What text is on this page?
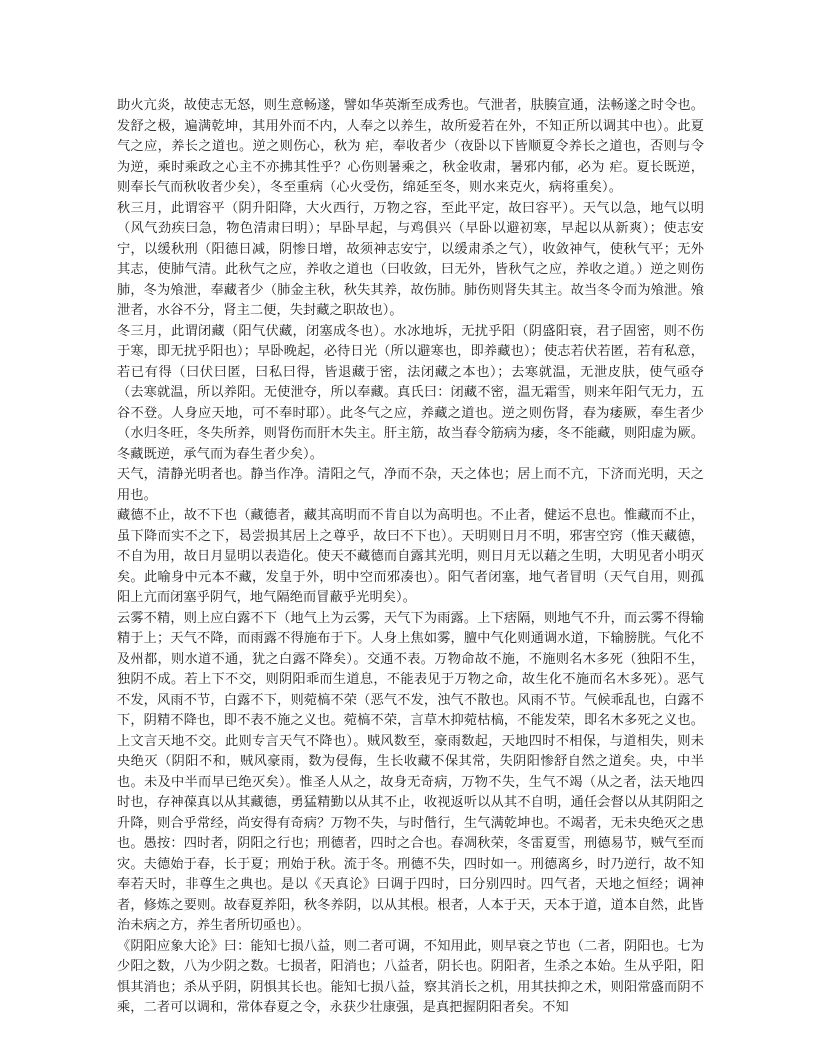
助火亢炎，故使志无怒，则生意畅遂，譬如华英渐至成秀也。气泄者，肤腠宣通，法畅遂之时令也。发舒之极，遍满乾坤，其用外而不内，人奉之以养生，故所爱若在外，不知正所以调其中也）。此夏气之应，养长之道也。逆之则伤心，秋为 疟，奉收者少（夜卧以下皆顺夏令养长之道也，否则与令为逆，乘时乘政之心主不亦拂其性乎？心伤则暑乘之，秋金收肃，暑邪内郁，必为 疟。夏长既逆，则奉长气而秋收者少矣），冬至重病（心火受伤，绵延至冬，则水来克火，病将重矣）。

秋三月，此谓容平（阴升阳降，大火西行，万物之容，至此平定，故曰容平）。天气以急，地气以明（风气劲疾曰急，物色清肃曰明）；早卧早起，与鸡俱兴（早卧以避初寒，早起以从新爽）；使志安宁，以缓秋刑（阳德日减，阴惨日增，故须神志安宁，以缓肃杀之气），收敛神气，使秋气平；无外其志，使肺气清。此秋气之应，养收之道也（曰收敛，曰无外，皆秋气之应，养收之道。）逆之则伤肺，冬为飧泄，奉藏者少（肺金主秋，秋失其养，故伤肺。肺伤则肾失其主。故当冬令而为飧泄。飧泄者，水谷不分，肾主二便，失封藏之职故也）。

冬三月，此谓闭藏（阳气伏藏，闭塞成冬也）。水冰地坼，无扰乎阳（阴盛阳衰，君子固密，则不伤于寒，即无扰乎阳也）；早卧晚起，必待日光（所以避寒也，即养藏也）；使志若伏若匿，若有私意，若已有得（曰伏曰匿，曰私曰得，皆退藏于密，法闭藏之本也）；去寒就温，无泄皮肤，使气亟夺（去寒就温，所以养阳。无使泄夺，所以奉藏。真氏曰：闭藏不密，温无霜雪，则来年阳气无力，五谷不登。人身应天地，可不奉时耶）。此冬气之应，养藏之道也。逆之则伤肾，春为痿厥，奉生者少（水归冬旺，冬失所养，则肾伤而肝木失主。肝主筋，故当春令筋病为痿，冬不能藏，则阳虚为厥。冬藏既逆，承气而为春生者少矣）。

天气，清静光明者也。静当作净。清阳之气，净而不杂，天之体也；居上而不亢，下济而光明，天之用也。

藏德不止，故不下也（藏德者，藏其高明而不肯自以为高明也。不止者，健运不息也。惟藏而不止，虽下降而实不之下，曷尝损其居上之尊乎，故曰不下也）。天明则日月不明，邪害空窍（惟天藏德，不自为用，故日月显明以表造化。使天不藏德而自露其光明，则日月无以藉之生明，大明见者小明灭矣。此喻身中元本不藏，发皇于外，明中空而邪凑也）。阳气者闭塞，地气者冒明（天气自用，则孤阳上亢而闭塞乎阴气，地气隔绝而冒蔽乎光明矣）。

云雾不精，则上应白露不下（地气上为云雾，天气下为雨露。上下痞隔，则地气不升，而云雾不得输精于上；天气不降，而雨露不得施布于下。人身上焦如雾，膻中气化则通调水道，下输膀胱。气化不及州都，则水道不通，犹之白露不降矣）。交通不表。万物命故不施，不施则名木多死（独阳不生，独阴不成。若上下不交，则阴阳乖而生道息，不能表见于万物之命，故生化不施而名木多死）。恶气不发，风雨不节，白露不下，则菀槁不荣（恶气不发，浊气不散也。风雨不节。气候乖乱也，白露不下，阴精不降也，即不表不施之义也。菀槁不荣，言草木抑菀枯槁，不能发荣，即名木多死之义也。上文言天地不交。此则专言天气不降也）。贼风数至，豪雨数起，天地四时不相保，与道相失，则未央绝灭（阴阳不和，贼风豪雨，数为侵侮，生长收藏不保其常，失阴阳惨舒自然之道矣。央，中半也。未及中半而早已绝灭矣）。惟圣人从之，故身无奇病，万物不失，生气不竭（从之者，法天地四时也，存神葆真以从其藏德，勇猛精勤以从其不止，收视返听以从其不自明，通任会督以从其阴阳之升降，则合乎常经，尚安得有奇病？万物不失，与时偕行，生气满乾坤也。不竭者，无未央绝灭之患也。愚按：四时者，阴阳之行也；刑德者，四时之合也。春凋秋荣，冬雷夏雪，刑德易节，贼气至而灾。夫德始于春，长于夏；刑始于秋。流于冬。刑德不失，四时如一。刑德离乡，时乃逆行，故不知奉若天时，非尊生之典也。是以《天真论》曰调于四时，曰分别四时。四气者，天地之恒经；调神者，修炼之要则。故春夏养阳，秋冬养阴，以从其根。根者，人本于天，天本于道，道本自然，此皆治未病之方，养生者所切亟也）。

《阴阳应象大论》曰：能知七损八益，则二者可调，不知用此，则早衰之节也（二者，阴阳也。七为少阳之数，八为少阴之数。七损者，阳消也；八益者，阴长也。阴阳者，生杀之本始。生从乎阳，阳惧其消也；杀从乎阴，阴惧其长也。能知七损八益，察其消长之机，用其扶抑之术，则阳常盛而阴不乘，二者可以调和，常体春夏之令，永获少壮康强，是真把握阴阳者矣。不知
